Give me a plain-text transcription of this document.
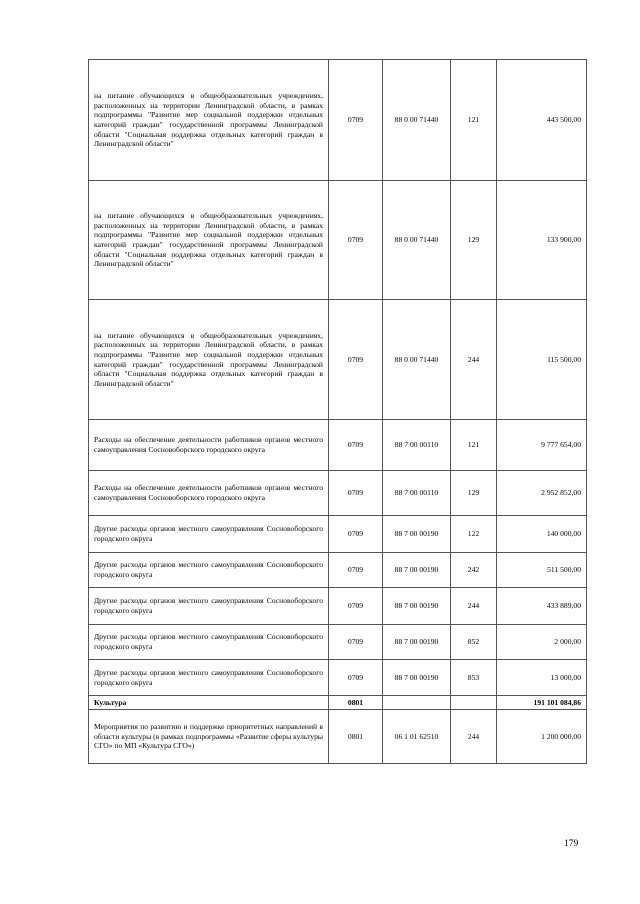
на питание обучающихся в общеобразовательных учреждениях, расположенных на территории Ленинградской области, в рамках подпрограммы "Развитие мер социальной поддержки отдельных категорий граждан" государственной программы Ленинградской области "Социальная поддержка отдельных категорий граждан в Ленинградской области"	0709	88 0 00 71440	121	443 500,00
на питание обучающихся в общеобразовательных учреждениях, расположенных на территории Ленинградской области, в рамках подпрограммы "Развитие мер социальной поддержки отдельных категорий граждан" государственной программы Ленинградской области "Социальная поддержка отдельных категорий граждан в Ленинградской области"	0709	88 0 00 71440	129	133 900,00
на питание обучающихся в общеобразовательных учреждениях, расположенных на территории Ленинградской области, в рамках подпрограммы "Развитие мер социальной поддержки отдельных категорий граждан" государственной программы Ленинградской области "Социальная поддержка отдельных категорий граждан в Ленинградской области"	0709	88 0 00 71440	244	115 500,00
Расходы на обеспечение деятельности работников органов местного самоуправления Сосновоборского городского округа	0709	88 7 00 00110	121	9 777 654,00
Расходы на обеспечение деятельности работников органов местного самоуправления Сосновоборского городского округа	0709	88 7 00 00110	129	2 952 852,00
Другие расходы органов местного самоуправления Сосновоборского городского округа	0709	88 7 00 00190	122	140 000,00
Другие расходы органов местного самоуправления Сосновоборского городского округа	0709	88 7 00 00190	242	511 500,00
Другие расходы органов местного самоуправления Сосновоборского городского округа	0709	88 7 00 00190	244	433 889,00
Другие расходы органов местного самоуправления Сосновоборского городского округа	0709	88 7 00 00190	852	2 000,00
Другие расходы органов местного самоуправления Сосновоборского городского округа	0709	88 7 00 00190	853	13 000,00
Культура	0801			191 101 084,86
Мероприятия по развитию и поддержке приоритетных направлений в области культуры (в рамках подпрограммы «Развитие сферы культуры СГО» по МП «Культура СГО»)	0801	06 1 01 62510	244	1 200 000,00
179
